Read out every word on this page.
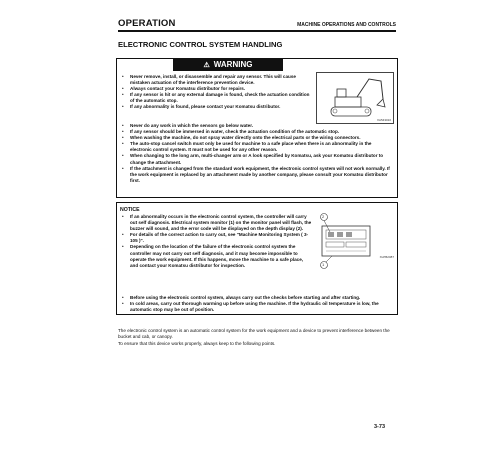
OPERATION	MACHINE OPERATIONS AND CONTROLS
ELECTRONIC CONTROL SYSTEM HANDLING
⚠ WARNING
• Never remove, install, or disassemble and repair any sensor. This will cause mistaken actuation of the interference prevention device.
• Always contact your Komatsu distributor for repairs.
• If any sensor is hit or any external damage is found, check the actuation condition of the automatic stop.
• If any abnormality is found, please contact your Komatsu distributor.
• Never do any work in which the sensors go below water.
• If any sensor should be immersed in water, check the actuation condition of the automatic stop.
• When washing the machine, do not spray water directly onto the electrical parts or the wiring connectors.
• The auto-stop cancel switch must only be used for machine to a safe place when there is an abnormality in the electronic control system. It must not be used for any other reason.
• When changing to the long arm, multi-changer arm or A look specified by Komatsu, ask your Komatsu distributor to change the attachment.
• If the attachment is changed from the standard work equipment, the electronic control system will not work normally. If the work equipment is replaced by an attachment made by another company, please consult your Komatsu distributor first.
XA543010
NOTICE
• If an abnormality occurs in the electronic control system, the controller will carry out self diagnosis. Electrical system monitor (1) on the monitor panel will flash, the buzzer will sound, and the error code will be displayed on the depth display (2).
• For details of the correct action to carry out, see "Machine Monitoring System ( 3-105 )".
• Depending on the location of the failure of the electronic control system the controller may not carry out self diagnosis, and it may become impossible to operate the work equipment. If this happens, move the machine to a safe place, and contact your Komatsu distributor for inspection.
• Before using the electronic control system, always carry out the checks before starting and after starting.
• In cold areas, carry out thorough warming up before using the machine. If the hydraulic oil temperature is low, the automatic stop may be out of position.
2
1
XLPB2087
The electronic control system is an automatic control system for the work equipment and a device to prevent interference between the bucket and cab, or canopy.
To ensure that this device works properly, always keep to the following points.
3-73
